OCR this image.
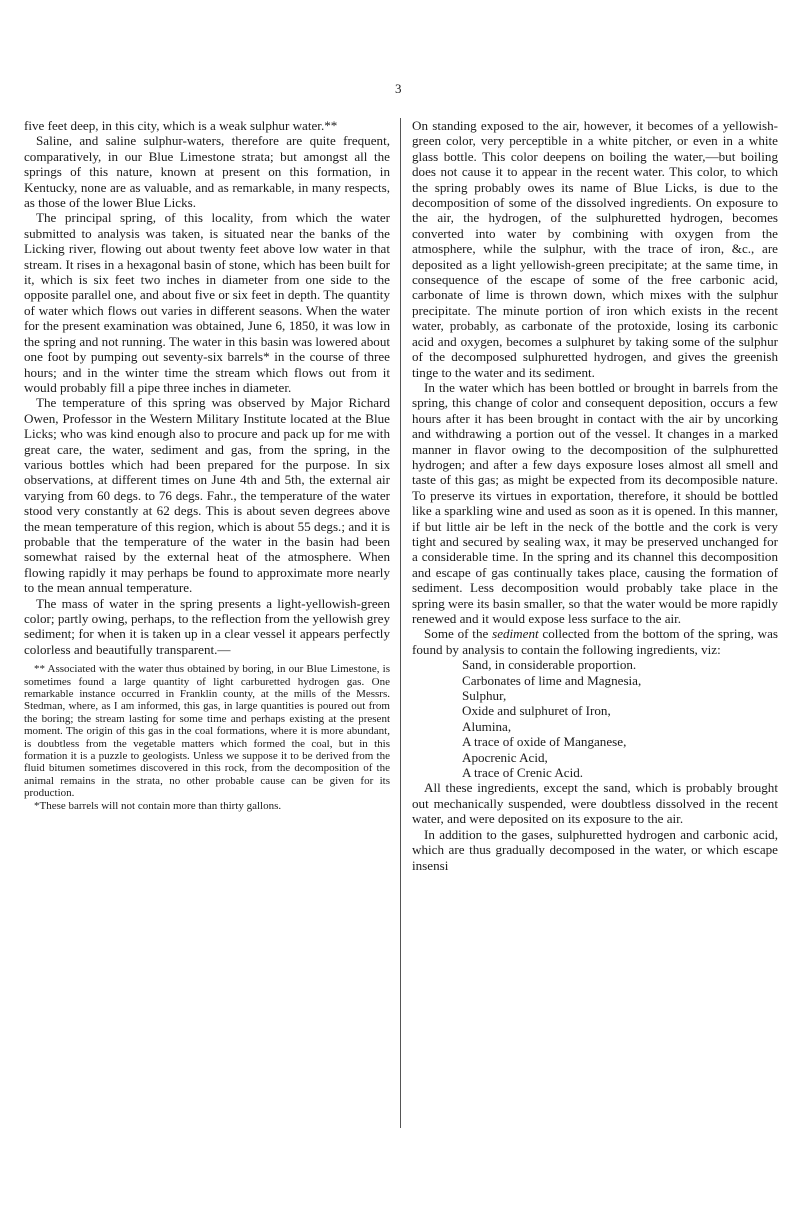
3

five feet deep, in this city, which is a weak sulphur water.**

Saline, and saline sulphur-waters, therefore are quite frequent, comparatively, in our Blue Limestone strata; but amongst all the springs of this nature, known at present on this formation, in Kentucky, none are as valuable, and as remarkable, in many respects, as those of the lower Blue Licks.

The principal spring, of this locality, from which the water submitted to analysis was taken, is situated near the banks of the Licking river, flowing out about twenty feet above low water in that stream. It rises in a hexagonal basin of stone, which has been built for it, which is six feet two inches in diameter from one side to the opposite parallel one, and about five or six feet in depth. The quantity of water which flows out varies in different seasons. When the water for the present examination was obtained, June 6, 1850, it was low in the spring and not running. The water in this basin was lowered about one foot by pumping out seventy-six barrels* in the course of three hours; and in the winter time the stream which flows out from it would probably fill a pipe three inches in diameter.

The temperature of this spring was observed by Major Richard Owen, Professor in the Western Military Institute located at the Blue Licks; who was kind enough also to procure and pack up for me with great care, the water, sediment and gas, from the spring, in the various bottles which had been prepared for the purpose. In six observations, at different times on June 4th and 5th, the external air varying from 60 degs. to 76 degs. Fahr., the temperature of the water stood very constantly at 62 degs. This is about seven degrees above the mean temperature of this region, which is about 55 degs.; and it is probable that the temperature of the water in the basin had been somewhat raised by the external heat of the atmosphere. When flowing rapidly it may perhaps be found to approximate more nearly to the mean annual temperature.

The mass of water in the spring presents a light-yellowish-green color; partly owing, perhaps, to the reflection from the yellowish grey sediment; for when it is taken up in a clear vessel it appears perfectly colorless and beautifully transparent.—

** Associated with the water thus obtained by boring, in our Blue Limestone, is sometimes found a large quantity of light carburetted hydrogen gas. One remarkable instance occurred in Franklin county, at the mills of the Messrs. Stedman, where, as I am informed, this gas, in large quantities is poured out from the boring; the stream lasting for some time and perhaps existing at the present moment. The origin of this gas in the coal formations, where it is more abundant, is doubtless from the vegetable matters which formed the coal, but in this formation it is a puzzle to geologists. Unless we suppose it to be derived from the fluid bitumen sometimes discovered in this rock, from the decomposition of the animal remains in the strata, no other probable cause can be given for its production.

*These barrels will not contain more than thirty gallons.

On standing exposed to the air, however, it becomes of a yellowish-green color, very perceptible in a white pitcher, or even in a white glass bottle. This color deepens on boiling the water,—but boiling does not cause it to appear in the recent water. This color, to which the spring probably owes its name of Blue Licks, is due to the decomposition of some of the dissolved ingredients. On exposure to the air, the hydrogen, of the sulphuretted hydrogen, becomes converted into water by combining with oxygen from the atmosphere, while the sulphur, with the trace of iron, &c., are deposited as a light yellowish-green precipitate; at the same time, in consequence of the escape of some of the free carbonic acid, carbonate of lime is thrown down, which mixes with the sulphur precipitate. The minute portion of iron which exists in the recent water, probably, as carbonate of the protoxide, losing its carbonic acid and oxygen, becomes a sulphuret by taking some of the sulphur of the decomposed sulphuretted hydrogen, and gives the greenish tinge to the water and its sediment.

In the water which has been bottled or brought in barrels from the spring, this change of color and consequent deposition, occurs a few hours after it has been brought in contact with the air by uncorking and withdrawing a portion out of the vessel. It changes in a marked manner in flavor owing to the decomposition of the sulphuretted hydrogen; and after a few days exposure loses almost all smell and taste of this gas; as might be expected from its decomposible nature. To preserve its virtues in exportation, therefore, it should be bottled like a sparkling wine and used as soon as it is opened. In this manner, if but little air be left in the neck of the bottle and the cork is very tight and secured by sealing wax, it may be preserved unchanged for a considerable time. In the spring and its channel this decomposition and escape of gas continually takes place, causing the formation of sediment. Less decomposition would probably take place in the spring were its basin smaller, so that the water would be more rapidly renewed and it would expose less surface to the air.

Some of the sediment collected from the bottom of the spring, was found by analysis to contain the following ingredients, viz:

Sand, in considerable proportion.
Carbonates of lime and Magnesia,
Sulphur,
Oxide and sulphuret of Iron,
Alumina,
A trace of oxide of Manganese,
Apocrenic Acid,
A trace of Crenic Acid.

All these ingredients, except the sand, which is probably brought out mechanically suspended, were doubtless dissolved in the recent water, and were deposited on its exposure to the air.

In addition to the gases, sulphuretted hydrogen and carbonic acid, which are thus gradually decomposed in the water, or which escape insensi
